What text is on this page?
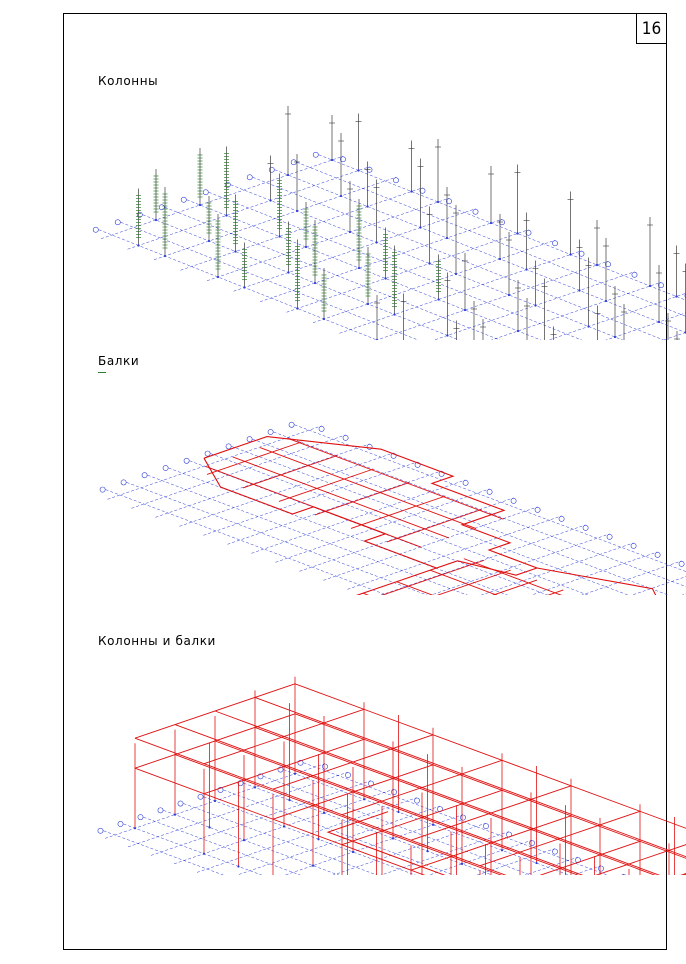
16
Колонны
Балки
Колонны и балки
